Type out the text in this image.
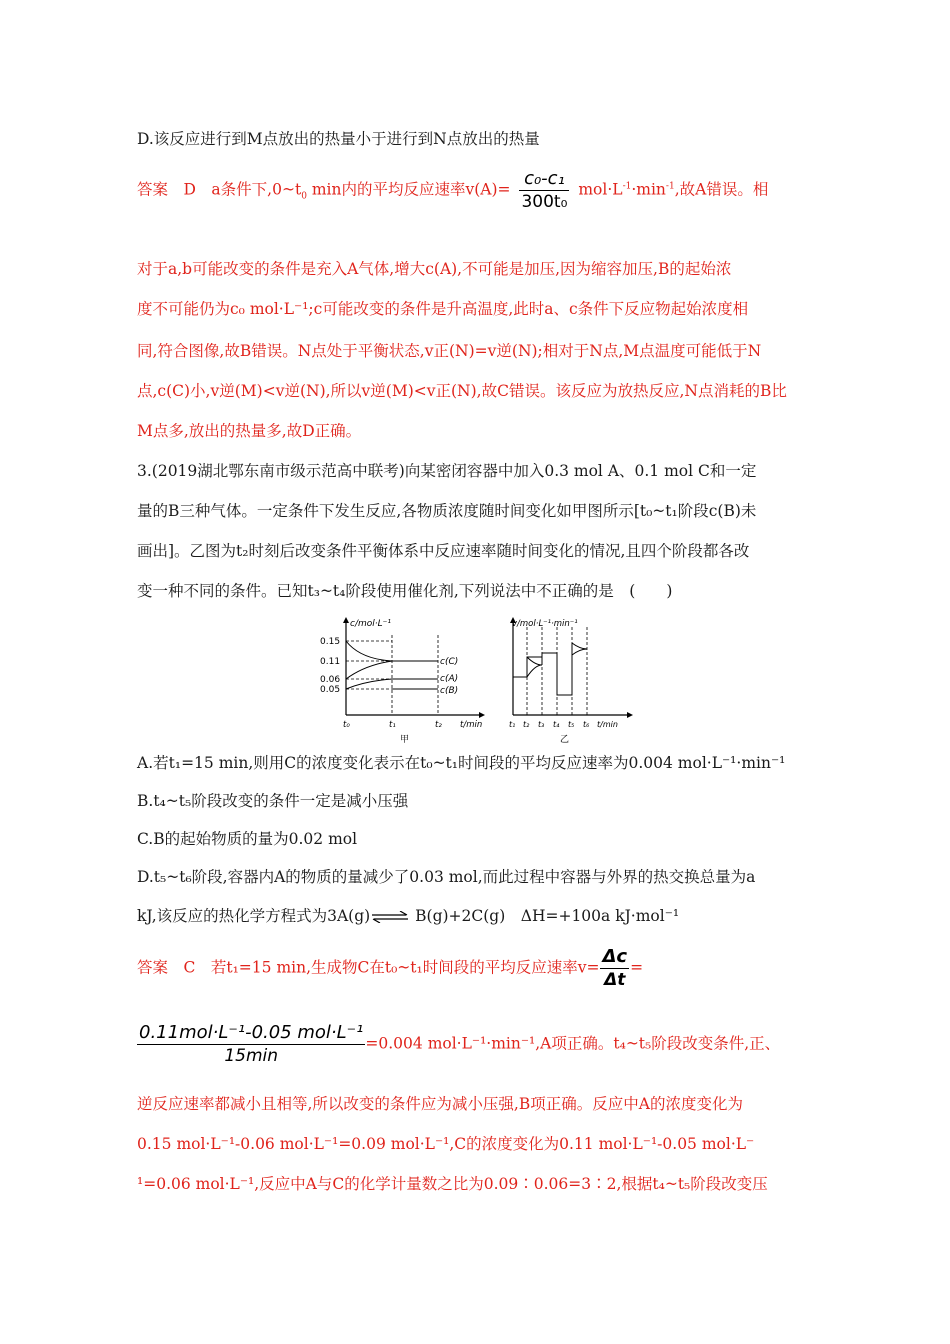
D.该反应进行到M点放出的热量小于进行到N点放出的热量
答案　D　a条件下$,0\sim t_0$ min内的平均反应速率$v(A)= \frac{\text{c₀-c₁}}{\text{300t₀}} mol\cdot L^{-1}\cdot\min^{-1}$,故A错误。相
对于a,b可能改变的条件是充入A气体,增大c(A),不可能是加压,因为缩容加压,B的起始浓
度不可能仍为c₀ mol·L⁻¹;c可能改变的条件是升高温度,此时a、c条件下反应物起始浓度相
同,符合图像,故B错误。N点处于平衡状态,v正(N)=v逆(N);相对于N点,M点温度可能低于N
点,c(C)小,v逆(M)<v逆(N),所以v逆(M)<v正(N),故C错误。该反应为放热反应,N点消耗的B比
M点多,放出的热量多,故D正确。
3.(2019湖北鄂东南市级示范高中联考)向某密闭容器中加入0.3 mol A、0.1 mol C和一定
量的B三种气体。一定条件下发生反应,各物质浓度随时间变化如甲图所示[t₀~t₁阶段c(B)未
画出]。乙图为t₂时刻后改变条件平衡体系中反应速率随时间变化的情况,且四个阶段都各改
变一种不同的条件。已知t₃~t₄阶段使用催化剂,下列说法中不正确的是　(　　)
c/mol·L⁻¹
t/min
0.15
0.11
0.06
0.05
c(C)
c(A)
c(B)
t₀	t₁	t₂
甲
v/mol·L⁻¹·min⁻¹
t₁ t₂ t₃ t₄ t₅ t₆ t/min
乙
A.若t₁=15 min,则用C的浓度变化表示在t₀~t₁时间段的平均反应速率为0.004 mol·L⁻¹·min⁻¹
B.t₄~t₅阶段改变的条件一定是减小压强
C.B的起始物质的量为0.02 mol
D.t₅~t₆阶段,容器内A的物质的量减少了0.03 mol,而此过程中容器与外界的热交换总量为a
kJ,该反应的热化学方程式为3A(g)⇌ B(g)+2C(g)　ΔH=+100a kJ·mol⁻¹
答案　C　若t₁=15 min,生成物C在t₀~t₁时间段的平均反应速率$v= \frac{\Delta c}{\Delta t}$ =
$\frac{\text{0.11mol·L⁻¹-0.05 mol·L⁻¹}}{15\min} =0.004$ mol·L⁻¹·min⁻¹,A项正确。t₄~t₅阶段改变条件,正、
逆反应速率都减小且相等,所以改变的条件应为减小压强,B项正确。反应中A的浓度变化为
0.15 mol·L⁻¹-0.06 mol·L⁻¹=0.09 mol·L⁻¹,C的浓度变化为0.11 mol·L⁻¹-0.05 mol·L⁻
¹=0.06 mol·L⁻¹,反应中A与C的化学计量数之比为0.09∶0.06=3∶2,根据t₄~t₅阶段改变压
